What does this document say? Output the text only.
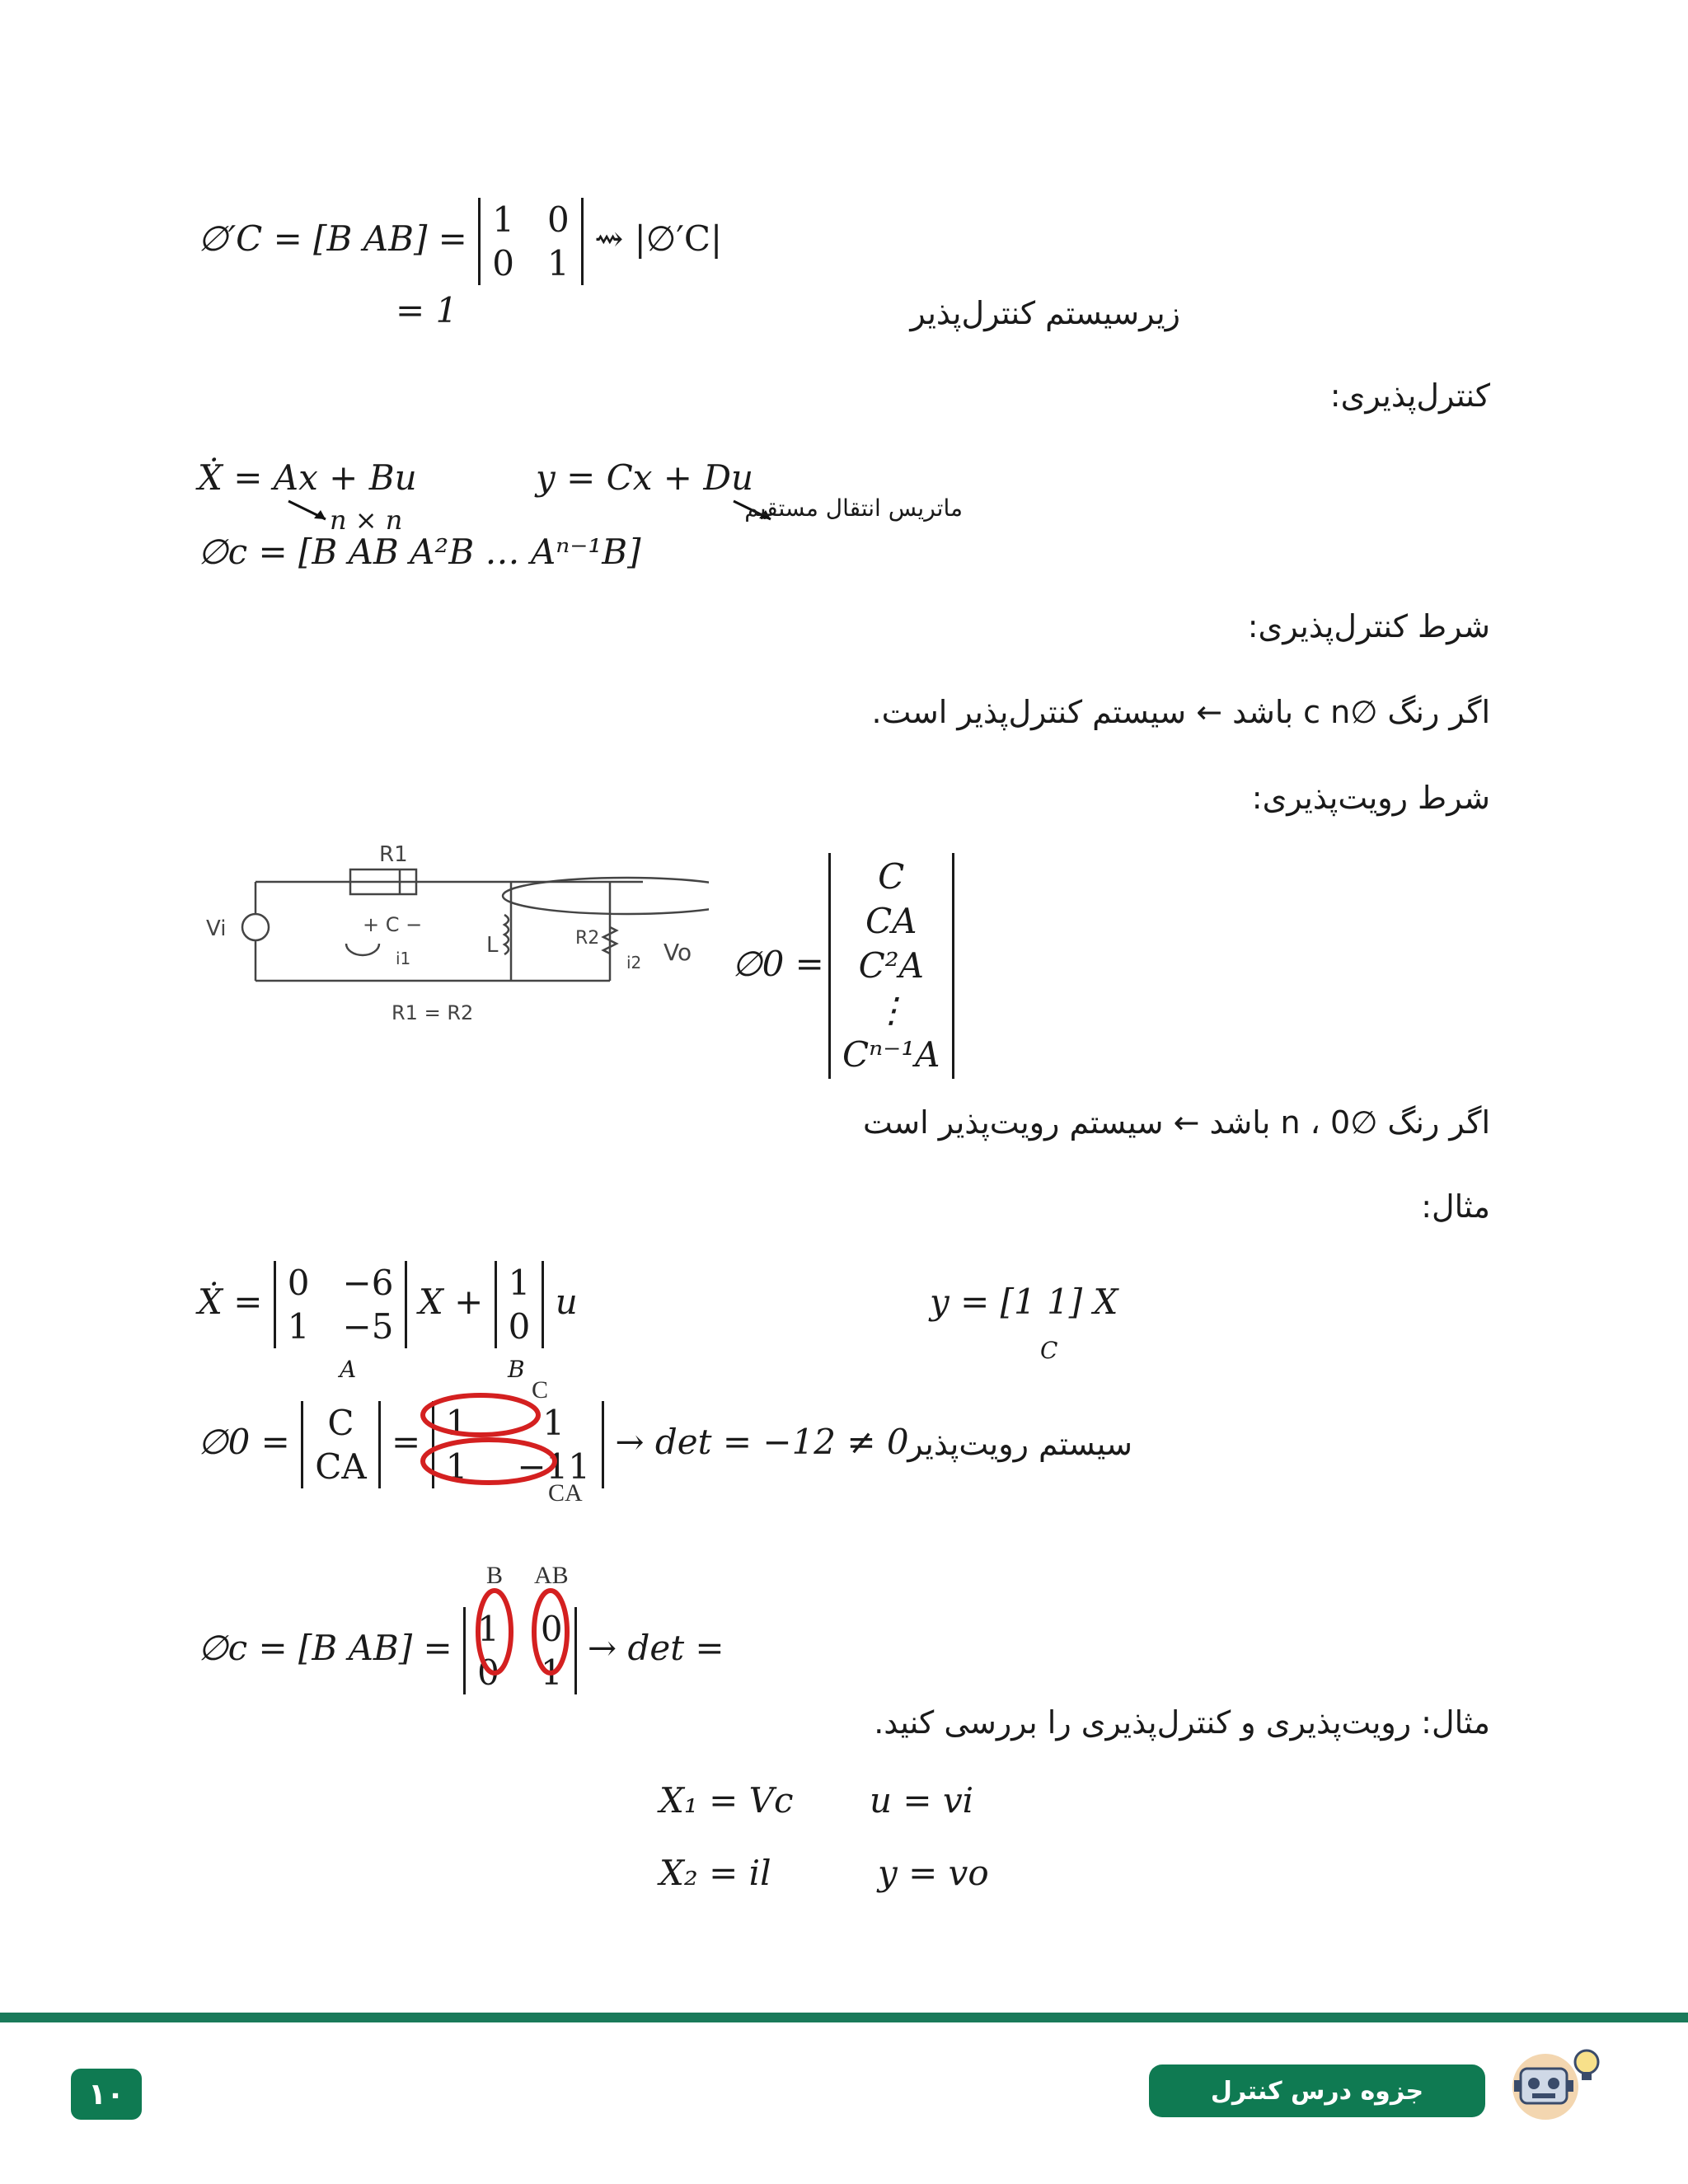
∅′C = [B AB] = 1 0
0 1
⇝ |∅′C|
= 1	زیرسیستم کنترل‌پذیر
کنترل‌پذیری:
Ẋ = Ax + Bu	y = Cx + Du
n × n	ماتریس انتقال مستقیم
∅c = [B AB A²B … Aⁿ⁻¹B]
شرط کنترل‌پذیری:
اگر رنگ ∅c n باشد ← سیستم کنترل‌پذیر است.
شرط رویت‌پذیری:
R1
+ C −
L	R2
Vi
Vo
i1	i2
R1 = R2
∅0 =
C
CA
C²A
⋮
Cⁿ⁻¹A
اگر رنگ ∅0 ، n باشد ← سیستم رویت‌پذیر است
مثال:
Ẋ = 0 −6
1 −5
X + 1
0
u
A	B
y = [1 1] X
C
∅0 = C
CA
= 1	1
1 −11
→ det = −12 ≠ 0
سیستم رویت‌پذیر
C
CA
∅c = [B AB] = 1 0
0 1
→ det =
B AB
مثال: رویت‌پذیری و کنترل‌پذیری را بررسی کنید.
X₁ = Vc u = vi
X₂ = il	y = vo
۱۰	جزوه درس کنترل
